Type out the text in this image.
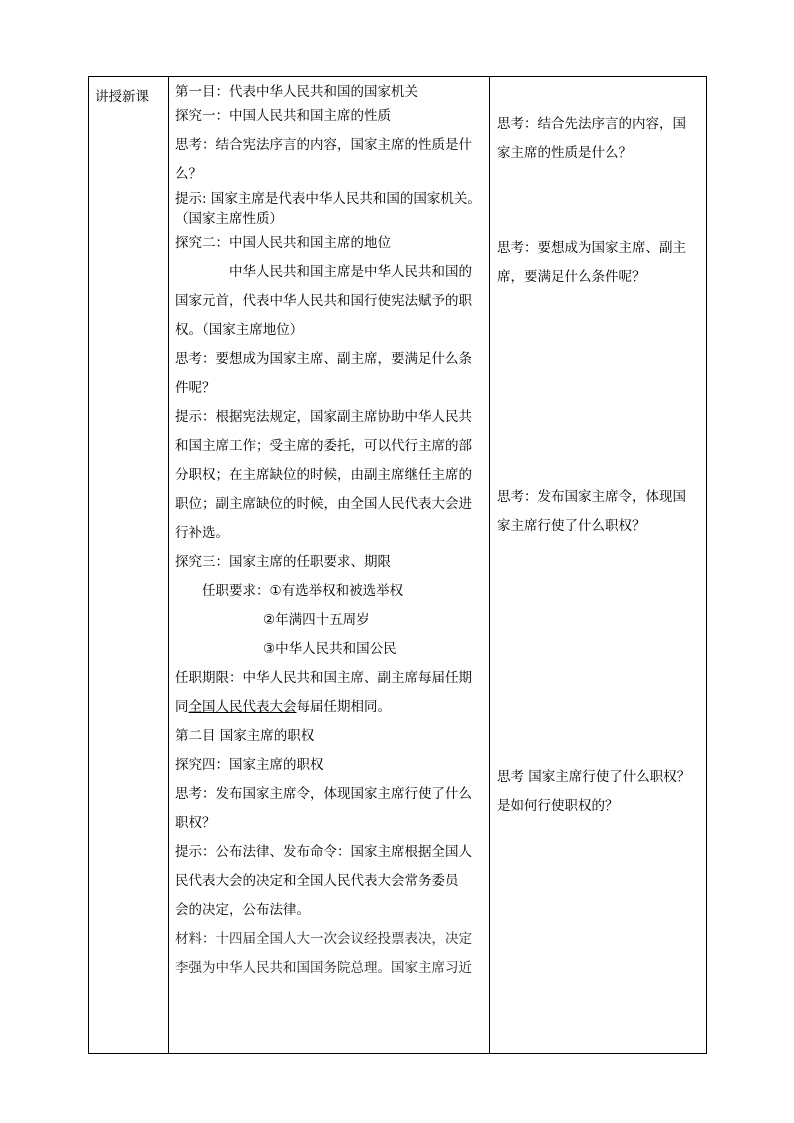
讲授新课 第一目：代表中华人民共和国的国家机关
探究一：中国人民共和国主席的性质
思考：结合宪法序言的内容，国家主席的性质是什
么？
提示: 国家主席是代表中华人民共和国的国家机关。
（国家主席性质）
探究二：中国人民共和国主席的地位
中华人民共和国主席是中华人民共和国的
国家元首，代表中华人民共和国行使宪法赋予的职
权。（国家主席地位）
思考：要想成为国家主席、副主席，要满足什么条
件呢？
提示：根据宪法规定，国家副主席协助中华人民共
和国主席工作；受主席的委托，可以代行主席的部
分职权；在主席缺位的时候，由副主席继任主席的
职位；副主席缺位的时候，由全国人民代表大会进
行补选。
探究三：国家主席的任职要求、期限
任职要求：①有选举权和被选举权
②年满四十五周岁
③中华人民共和国公民
任职期限：中华人民共和国主席、副主席每届任期
同全国人民代表大会每届任期相同。
第二目 国家主席的职权
探究四：国家主席的职权
思考：发布国家主席令，体现国家主席行使了什么
职权？
提示：公布法律、发布命令：国家主席根据全国人
民代表大会的决定和全国人民代表大会常务委员
会的决定，公布法律。
材料：十四届全国人大一次会议经投票表决，决定
李强为中华人民共和国国务院总理。国家主席习近
思考：结合先法序言的内容，国
家主席的性质是什么？
思考：要想成为国家主席、副主
席，要满足什么条件呢？
思考：发布国家主席令，体现国
家主席行使了什么职权？
思考 国家主席行使了什么职权？
是如何行使职权的？
